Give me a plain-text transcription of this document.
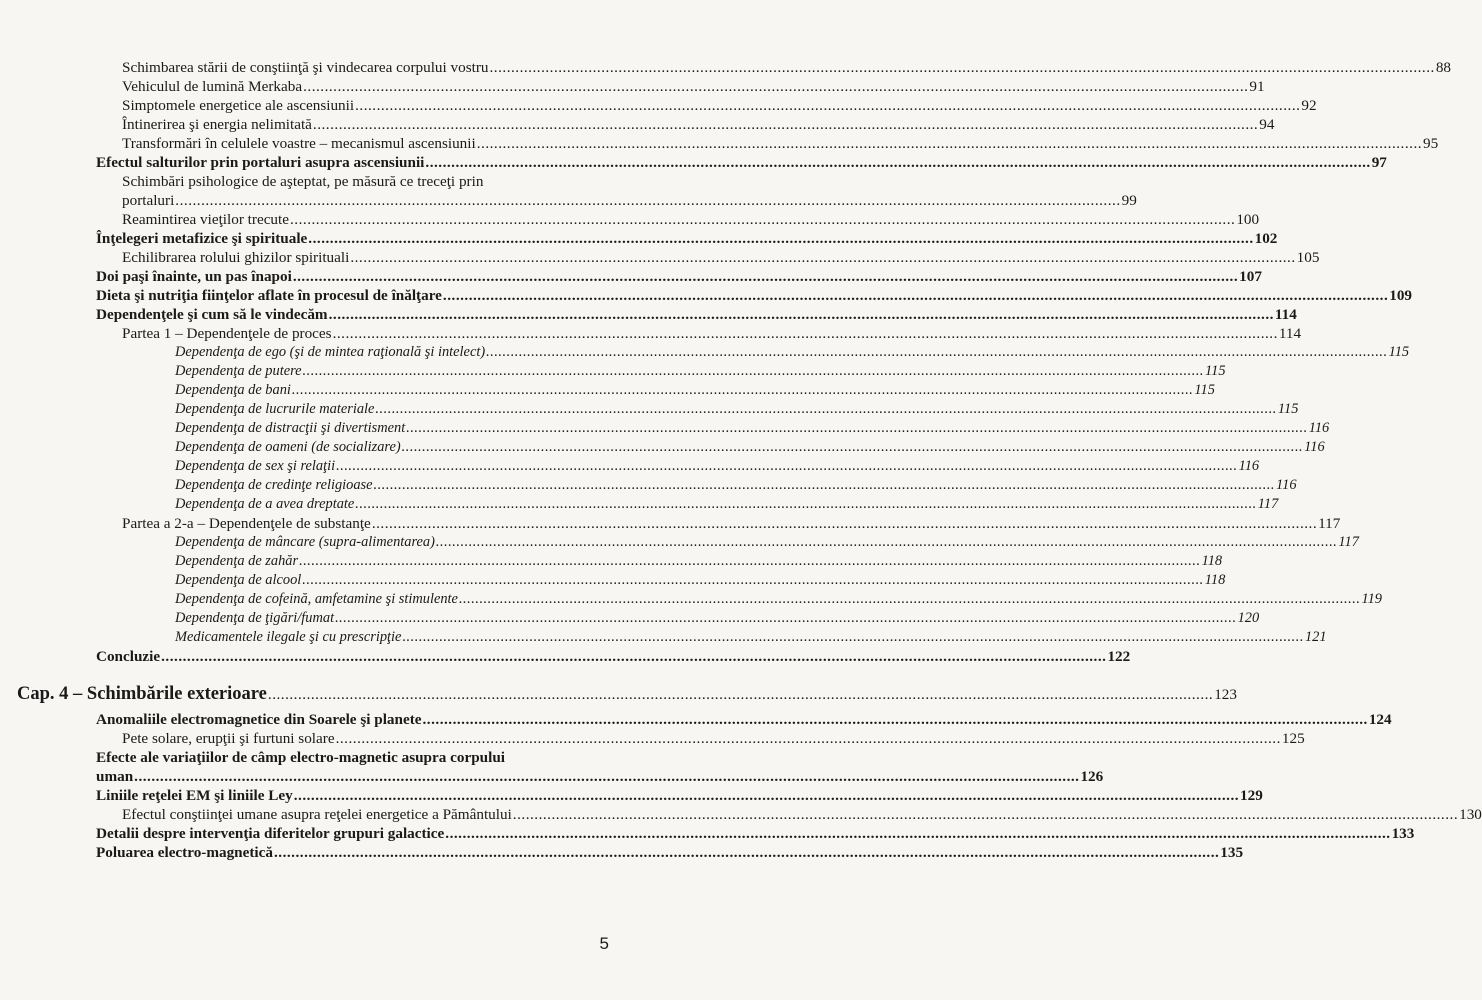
Schimbarea stării de conştiinţă şi vindecarea corpului vostru ............................................................................................................................................................................................................................ 88
Vehiculul de lumină Merkaba ............................................................................................................................................................................................................................ 91
Simptomele energetice ale ascensiunii ............................................................................................................................................................................................................................ 92
Întinerirea şi energia nelimitată ............................................................................................................................................................................................................................ 94
Transformări în celulele voastre – mecanismul ascensiunii ............................................................................................................................................................................................................................ 95
Efectul salturilor prin portaluri asupra ascensiunii ............................................................................................................................................................................................................................ 97
Schimbări psihologice de aşteptat, pe măsură ce treceţi prin
portaluri ............................................................................................................................................................................................................................ 99
Reamintirea vieţilor trecute ............................................................................................................................................................................................................................ 100
Înţelegeri metafizice şi spirituale ............................................................................................................................................................................................................................ 102
Echilibrarea rolului ghizilor spirituali ............................................................................................................................................................................................................................ 105
Doi paşi înainte, un pas înapoi ............................................................................................................................................................................................................................ 107
Dieta şi nutriţia fiinţelor aflate în procesul de înălţare ............................................................................................................................................................................................................................ 109
Dependenţele şi cum să le vindecăm ............................................................................................................................................................................................................................ 114
Partea 1 – Dependenţele de proces ............................................................................................................................................................................................................................ 114
Dependenţa de ego (şi de mintea raţională şi intelect) ............................................................................................................................................................................................................................ 115
Dependenţa de putere ............................................................................................................................................................................................................................ 115
Dependenţa de bani ............................................................................................................................................................................................................................ 115
Dependenţa de lucrurile materiale ............................................................................................................................................................................................................................ 115
Dependenţa de distracţii şi divertisment ............................................................................................................................................................................................................................ 116
Dependenţa de oameni (de socializare) ............................................................................................................................................................................................................................ 116
Dependenţa de sex şi relaţii ............................................................................................................................................................................................................................ 116
Dependenţa de credinţe religioase ............................................................................................................................................................................................................................ 116
Dependenţa de a avea dreptate ............................................................................................................................................................................................................................ 117
Partea a 2-a – Dependenţele de substanţe ............................................................................................................................................................................................................................ 117
Dependenţa de mâncare (supra-alimentarea) ............................................................................................................................................................................................................................ 117
Dependenţa de zahăr ............................................................................................................................................................................................................................ 118
Dependenţa de alcool ............................................................................................................................................................................................................................ 118
Dependenţa de cofeină, amfetamine şi stimulente ............................................................................................................................................................................................................................ 119
Dependenţa de ţigări/fumat ............................................................................................................................................................................................................................ 120
Medicamentele ilegale şi cu prescripţie ............................................................................................................................................................................................................................ 121
Concluzie ............................................................................................................................................................................................................................ 122
Cap. 4 – Schimbările exterioare ............................................................................................................................................................................................................................ 123
Anomaliile electromagnetice din Soarele şi planete ............................................................................................................................................................................................................................ 124
Pete solare, erupţii şi furtuni solare ............................................................................................................................................................................................................................ 125
Efecte ale variaţiilor de câmp electro-magnetic asupra corpului
uman ............................................................................................................................................................................................................................ 126
Liniile reţelei EM şi liniile Ley ............................................................................................................................................................................................................................ 129
Efectul conştiinţei umane asupra reţelei energetice a Pământului ............................................................................................................................................................................................................................ 130
Detalii despre intervenţia diferitelor grupuri galactice ............................................................................................................................................................................................................................ 133
Poluarea electro-magnetică ............................................................................................................................................................................................................................ 135
5
